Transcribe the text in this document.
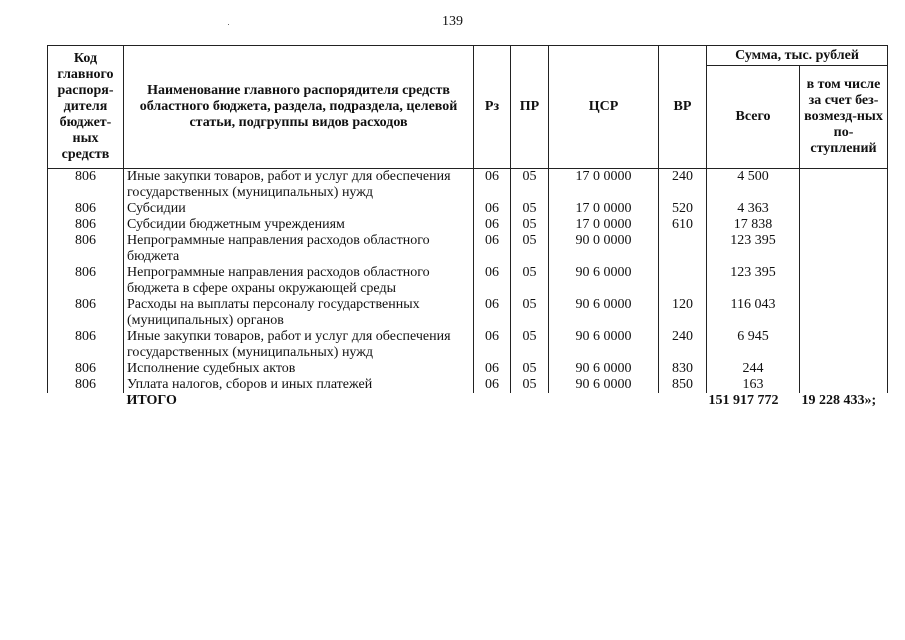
139
Код главного распоря-дителя бюджет-ных средств	Наименование главного распорядителя средств областного бюджета, раздела, подраздела, целевой статьи, подгруппы видов расходов	Рз	ПР	ЦСР	ВР	Сумма, тыс. рублей	
						Всего	в том числе за счет без-возмезд-ных по-ступлений
806	Иные закупки товаров, работ и услуг для обеспечения государственных (муниципальных) нужд	06	05	17 0 0000	240	4 500	
806	Субсидии	06	05	17 0 0000	520	4 363	
806	Субсидии бюджетным учреждениям	06	05	17 0 0000	610	17 838	
806	Непрограммные направления расходов областного бюджета	06	05	90 0 0000		123 395	
806	Непрограммные направления расходов областного бюджета в сфере охраны окружающей среды	06	05	90 6 0000		123 395	
806	Расходы на выплаты персоналу государственных (муниципальных) органов	06	05	90 6 0000	120	116 043	
806	Иные закупки товаров, работ и услуг для обеспечения государственных (муниципальных) нужд	06	05	90 6 0000	240	6 945	
806	Исполнение судебных актов	06	05	90 6 0000	830	244	
806	Уплата налогов, сборов и иных платежей	06	05	90 6 0000	850	163	
	ИТОГО					151 917 772	19 228 433»;
